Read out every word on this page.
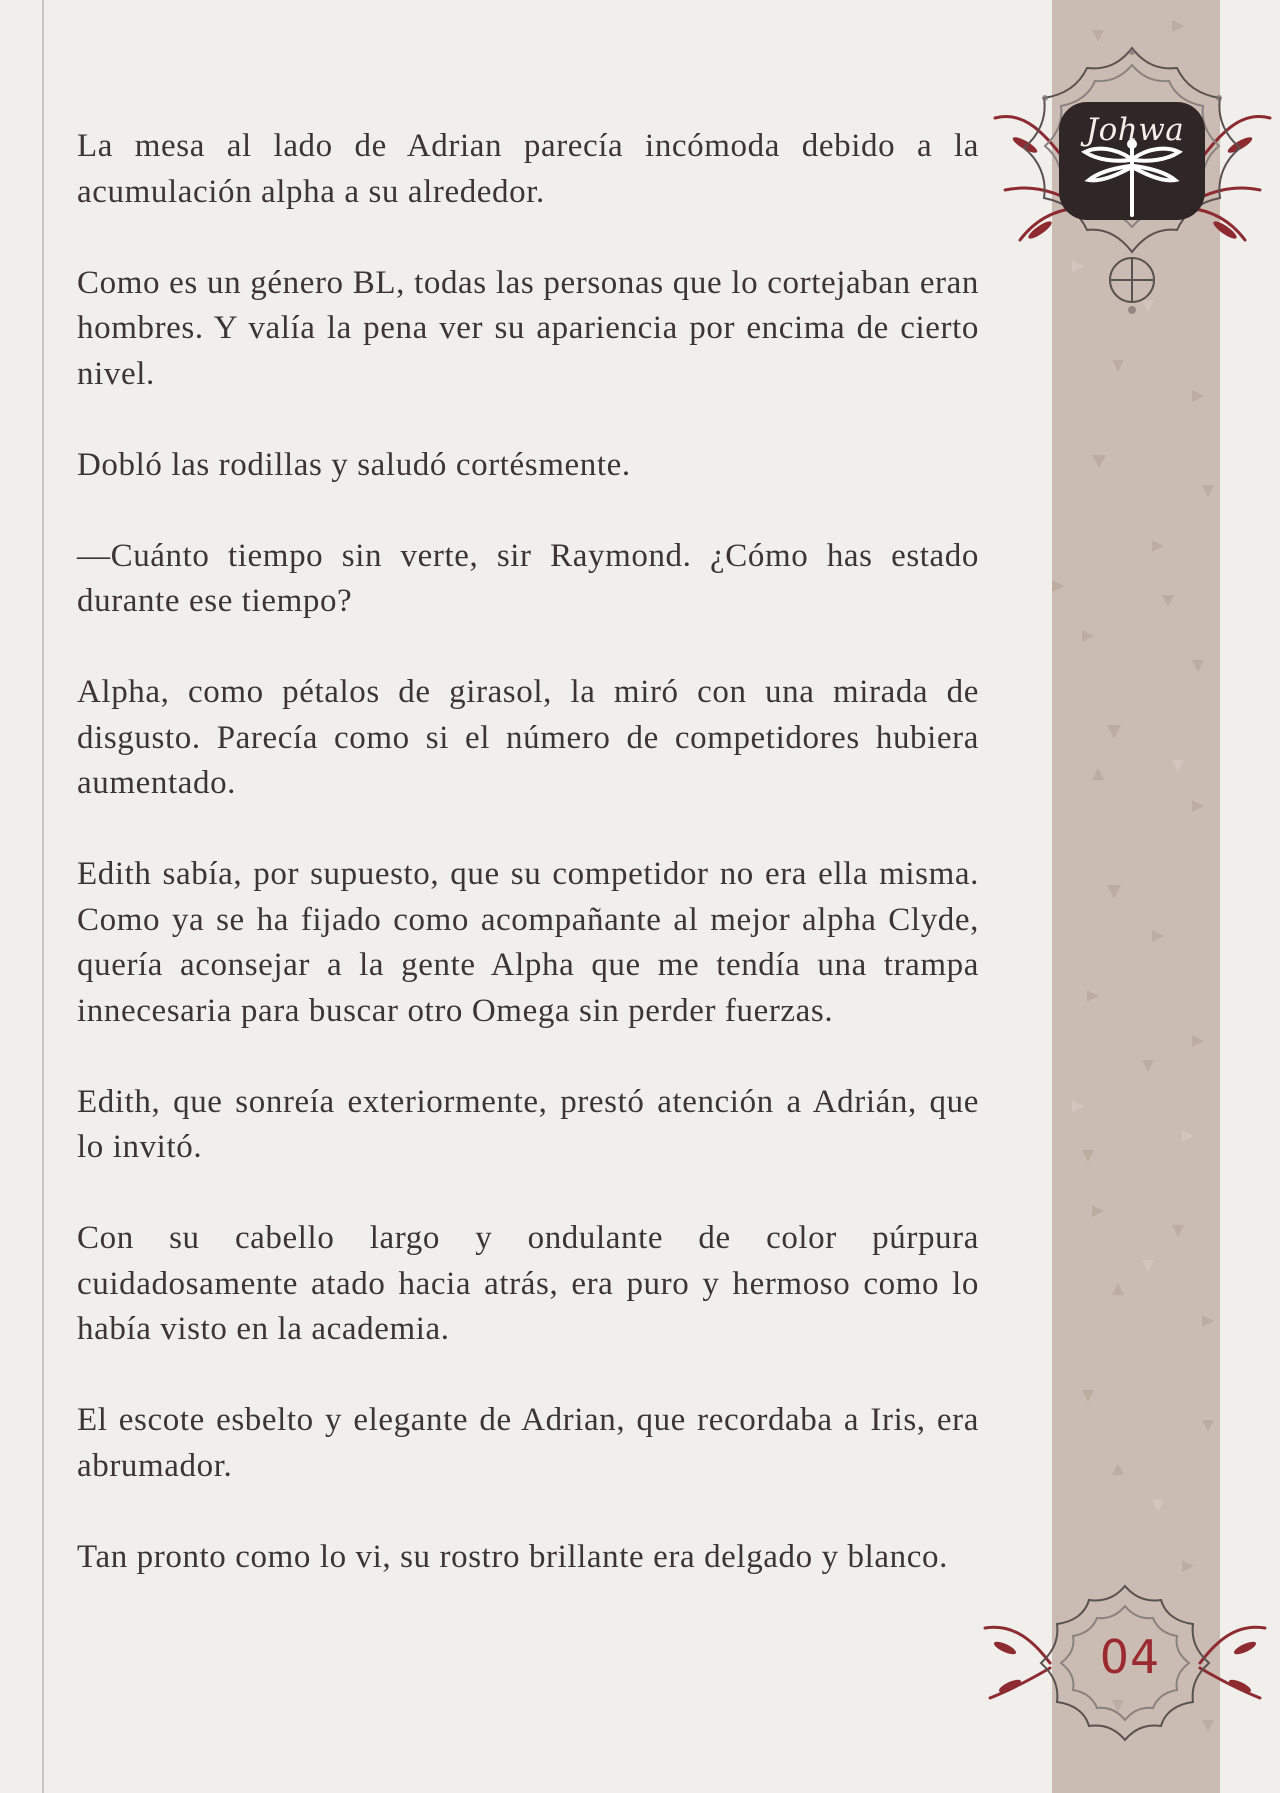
La mesa al lado de Adrian parecía incómoda debido a la acumulación alpha a su alrededor.

Como es un género BL, todas las personas que lo cortejaban eran hombres. Y valía la pena ver su apariencia por encima de cierto nivel.

Dobló las rodillas y saludó cortésmente.

—Cuánto tiempo sin verte, sir Raymond. ¿Cómo has estado durante ese tiempo?

Alpha, como pétalos de girasol, la miró con una mirada de disgusto. Parecía como si el número de competidores hubiera aumentado.

Edith sabía, por supuesto, que su competidor no era ella misma. Como ya se ha fijado como acompañante al mejor alpha Clyde, quería aconsejar a la gente Alpha que me tendía una trampa innecesaria para buscar otro Omega sin perder fuerzas.

Edith, que sonreía exteriormente, prestó atención a Adrián, que lo invitó.

Con su cabello largo y ondulante de color púrpura cuidadosamente atado hacia atrás, era puro y hermoso como lo había visto en la academia.

El escote esbelto y elegante de Adrian, que recordaba a Iris, era abrumador.

Tan pronto como lo vi, su rostro brillante era delgado y blanco.

Johwa
04
